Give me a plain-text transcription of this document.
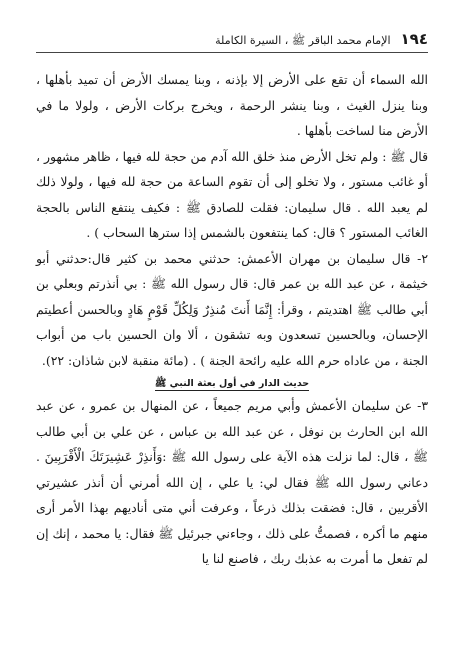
١٩٤
الإمام محمد الباقر ﷺ ، السيرة الكاملة

الله السماء أن تقع على الأرض إلا بإذنه ، وبنا يمسك الأرض أن تميد بأهلها ، وبنا ينزل الغيث ، وبنا ينشر الرحمة ، ويخرج بركات الأرض ، ولولا ما في الأرض منا لساخت بأهلها .

قال ﷺ : ولم تخل الأرض منذ خلق الله آدم من حجة لله فيها ، ظاهر مشهور ، أو غائب مستور ، ولا تخلو إلى أن تقوم الساعة من حجة لله فيها ، ولولا ذلك لم يعبد الله . قال سليمان: فقلت للصادق ﷺ : فكيف ينتفع الناس بالحجة الغائب المستور ؟ قال: كما ينتفعون بالشمس إذا سترها السحاب ) .

٢- قال سليمان بن مهران الأعمش: حدثني محمد بن كثير قال:حدثني أبو خيثمة ، عن عبد الله بن عمر قال: قال رسول الله ﷺ : بي أنذرتم وبعلي بن أبي طالب ﷺ اهتديتم ، وقرأ: إِنَّمَا أَنتَ مُنذِرٌ وَلِكُلِّ قَوْمٍ هَادٍ وبالحسن أعطيتم الإحسان، وبالحسين تسعدون وبه تشقون ، ألا وان الحسين باب من أبواب الجنة ، من عاداه حرم الله عليه رائحة الجنة ) . (مائة منقبة لابن شاذان: ٢٢).

حديث الدار في أول بعثة النبي ﷺ

٣- عن سليمان الأعمش وأبي مريم جميعاً ، عن المنهال بن عمرو ، عن عبد الله ابن الحارث بن نوفل ، عن عبد الله بن عباس ، عن علي بن أبي طالب ﷺ ، قال: لما نزلت هذه الآية على رسول الله ﷺ :وَأَنذِرْ عَشِيرَتَكَ الْأَقْرَبِينَ . دعاني رسول الله ﷺ فقال لي: يا علي ، إن الله أمرني أن أنذر عشيرتي الأقربين ، قال: فضقت بذلك ذرعاً ، وعرفت أني متى أناديهم بهذا الأمر أرى منهم ما أكره ، فصمتُّ على ذلك ، وجاءني جبرئيل ﷺ فقال: يا محمد ، إنك إن لم تفعل ما أمرت به عذبك ربك ، فاصنع لنا يا
